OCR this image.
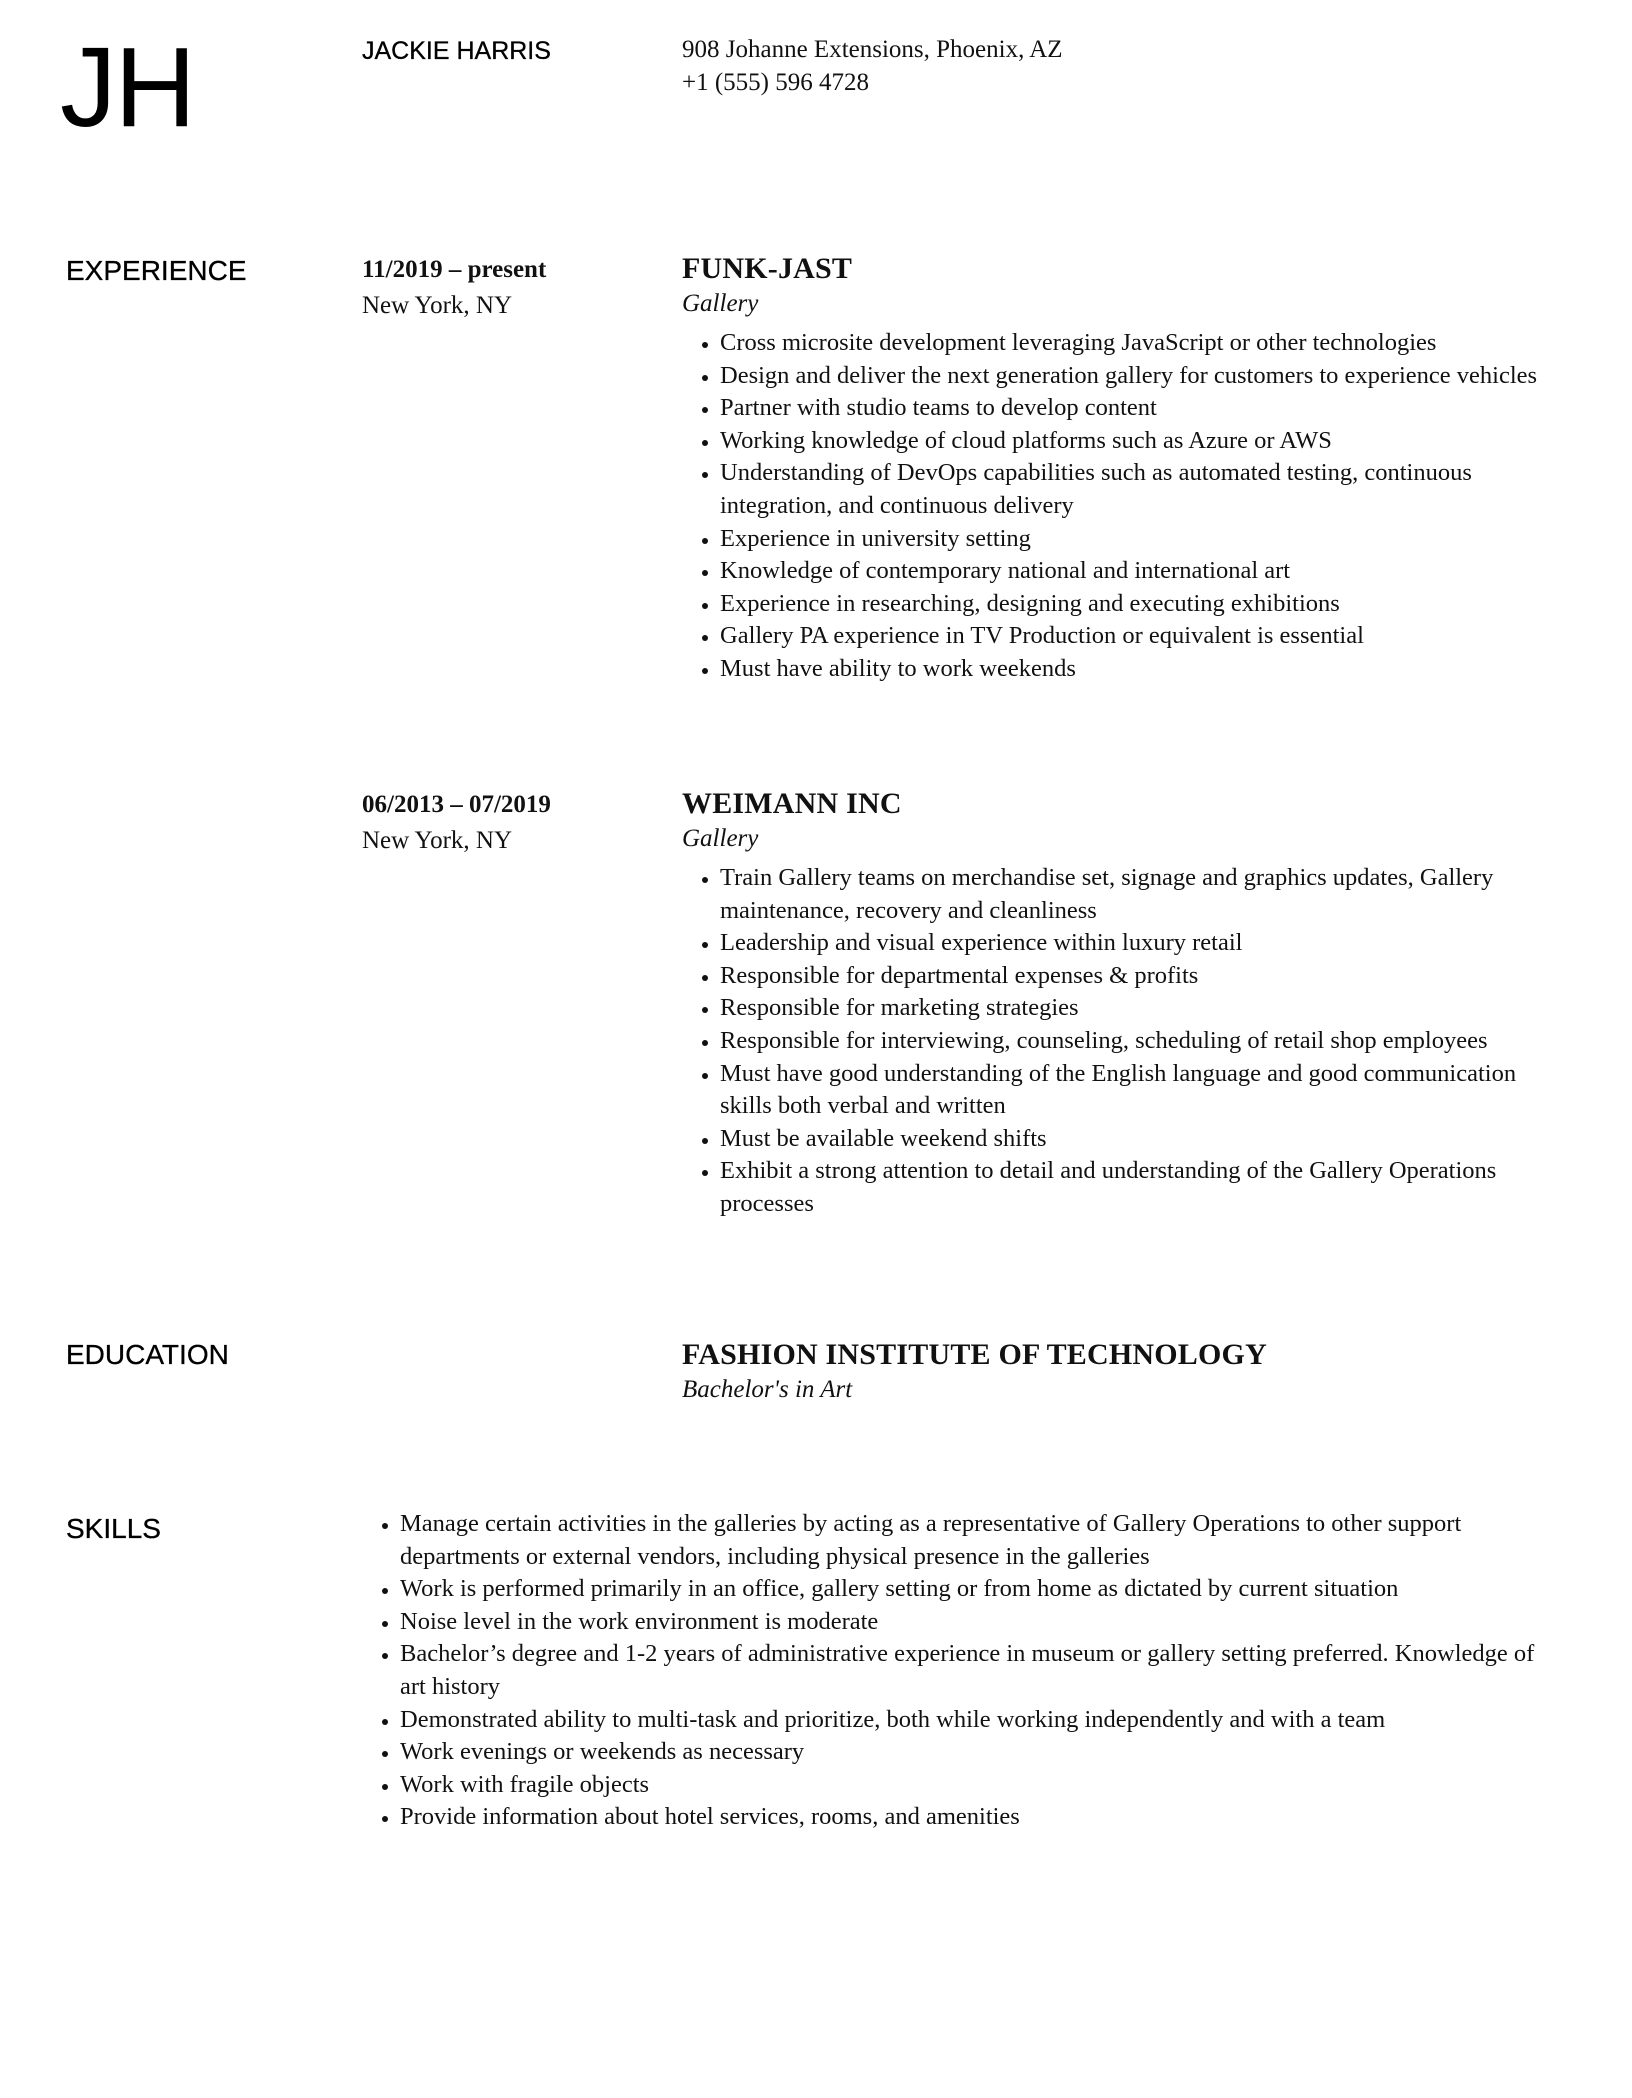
JH	JACKIE HARRIS	908 Johanne Extensions, Phoenix, AZ
+1 (555) 596 4728
EXPERIENCE	11/2019 – present
New York, NY
FUNK-JAST
Gallery
• Cross microsite development leveraging JavaScript or other technologies
• Design and deliver the next generation gallery for customers to experience vehicles
• Partner with studio teams to develop content
• Working knowledge of cloud platforms such as Azure or AWS
• Understanding of DevOps capabilities such as automated testing, continuous integration, and continuous delivery
• Experience in university setting
• Knowledge of contemporary national and international art
• Experience in researching, designing and executing exhibitions
• Gallery PA experience in TV Production or equivalent is essential
• Must have ability to work weekends
06/2013 – 07/2019
New York, NY
WEIMANN INC
Gallery
• Train Gallery teams on merchandise set, signage and graphics updates, Gallery maintenance, recovery and cleanliness
• Leadership and visual experience within luxury retail
• Responsible for departmental expenses & profits
• Responsible for marketing strategies
• Responsible for interviewing, counseling, scheduling of retail shop employees
• Must have good understanding of the English language and good communication skills both verbal and written
• Must be available weekend shifts
• Exhibit a strong attention to detail and understanding of the Gallery Operations processes
EDUCATION	FASHION INSTITUTE OF TECHNOLOGY
Bachelor's in Art
SKILLS	• Manage certain activities in the galleries by acting as a representative of Gallery Operations to other support departments or external vendors, including physical presence in the galleries
• Work is performed primarily in an office, gallery setting or from home as dictated by current situation
• Noise level in the work environment is moderate
• Bachelor’s degree and 1-2 years of administrative experience in museum or gallery setting preferred. Knowledge of art history
• Demonstrated ability to multi-task and prioritize, both while working independently and with a team
• Work evenings or weekends as necessary
• Work with fragile objects
• Provide information about hotel services, rooms, and amenities
